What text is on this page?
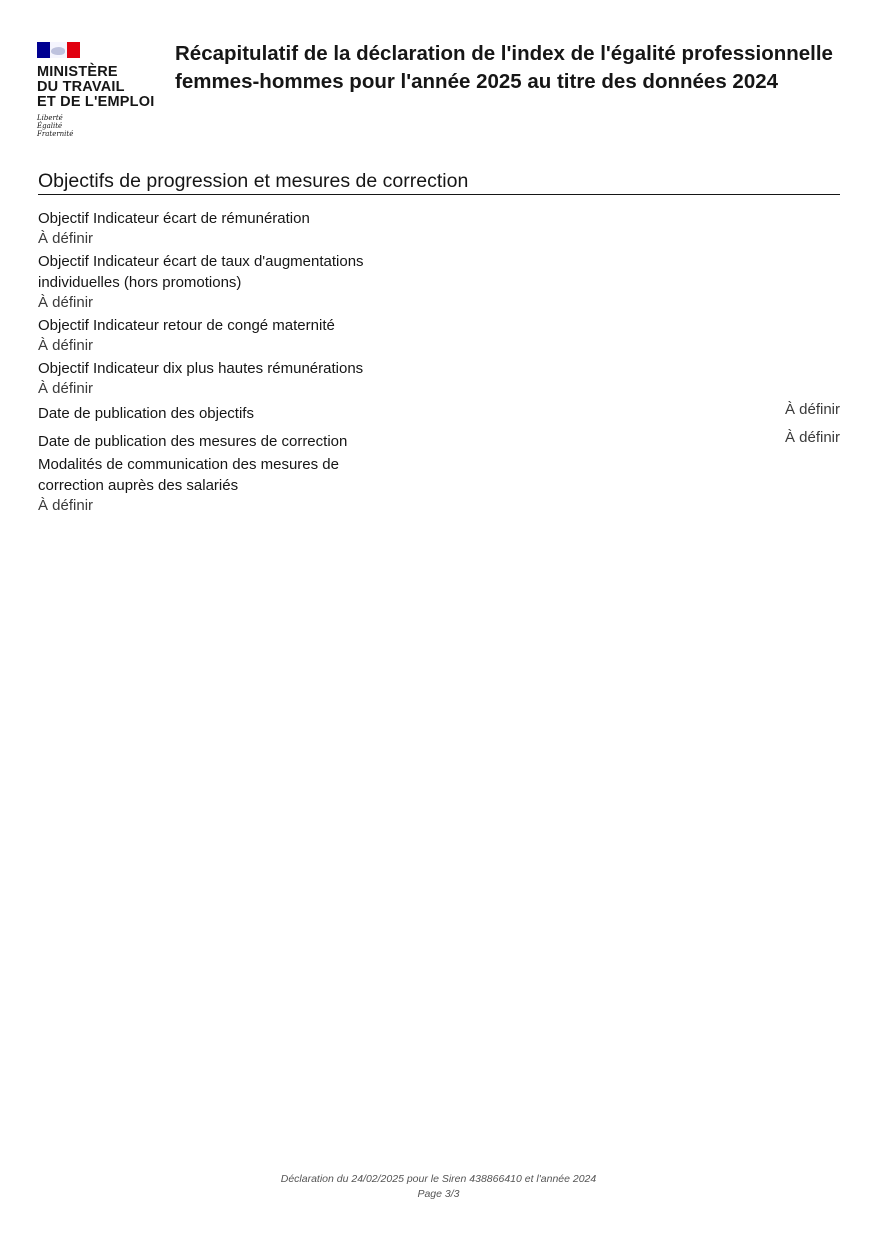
MINISTÈRE
DU TRAVAIL
ET DE L'EMPLOI
Liberté
Égalité
Fraternité
Récapitulatif de la déclaration de l'index de l'égalité professionnelle femmes-hommes pour l'année 2025 au titre des données 2024
Objectifs de progression et mesures de correction
Objectif Indicateur écart de rémunération
À définir
Objectif Indicateur écart de taux d'augmentations individuelles (hors promotions)
À définir
Objectif Indicateur retour de congé maternité
À définir
Objectif Indicateur dix plus hautes rémunérations
À définir
Date de publication des objectifs	À définir
Date de publication des mesures de correction	À définir
Modalités de communication des mesures de correction auprès des salariés
À définir
Déclaration du 24/02/2025 pour le Siren 438866410 et l'année 2024
Page 3/3
